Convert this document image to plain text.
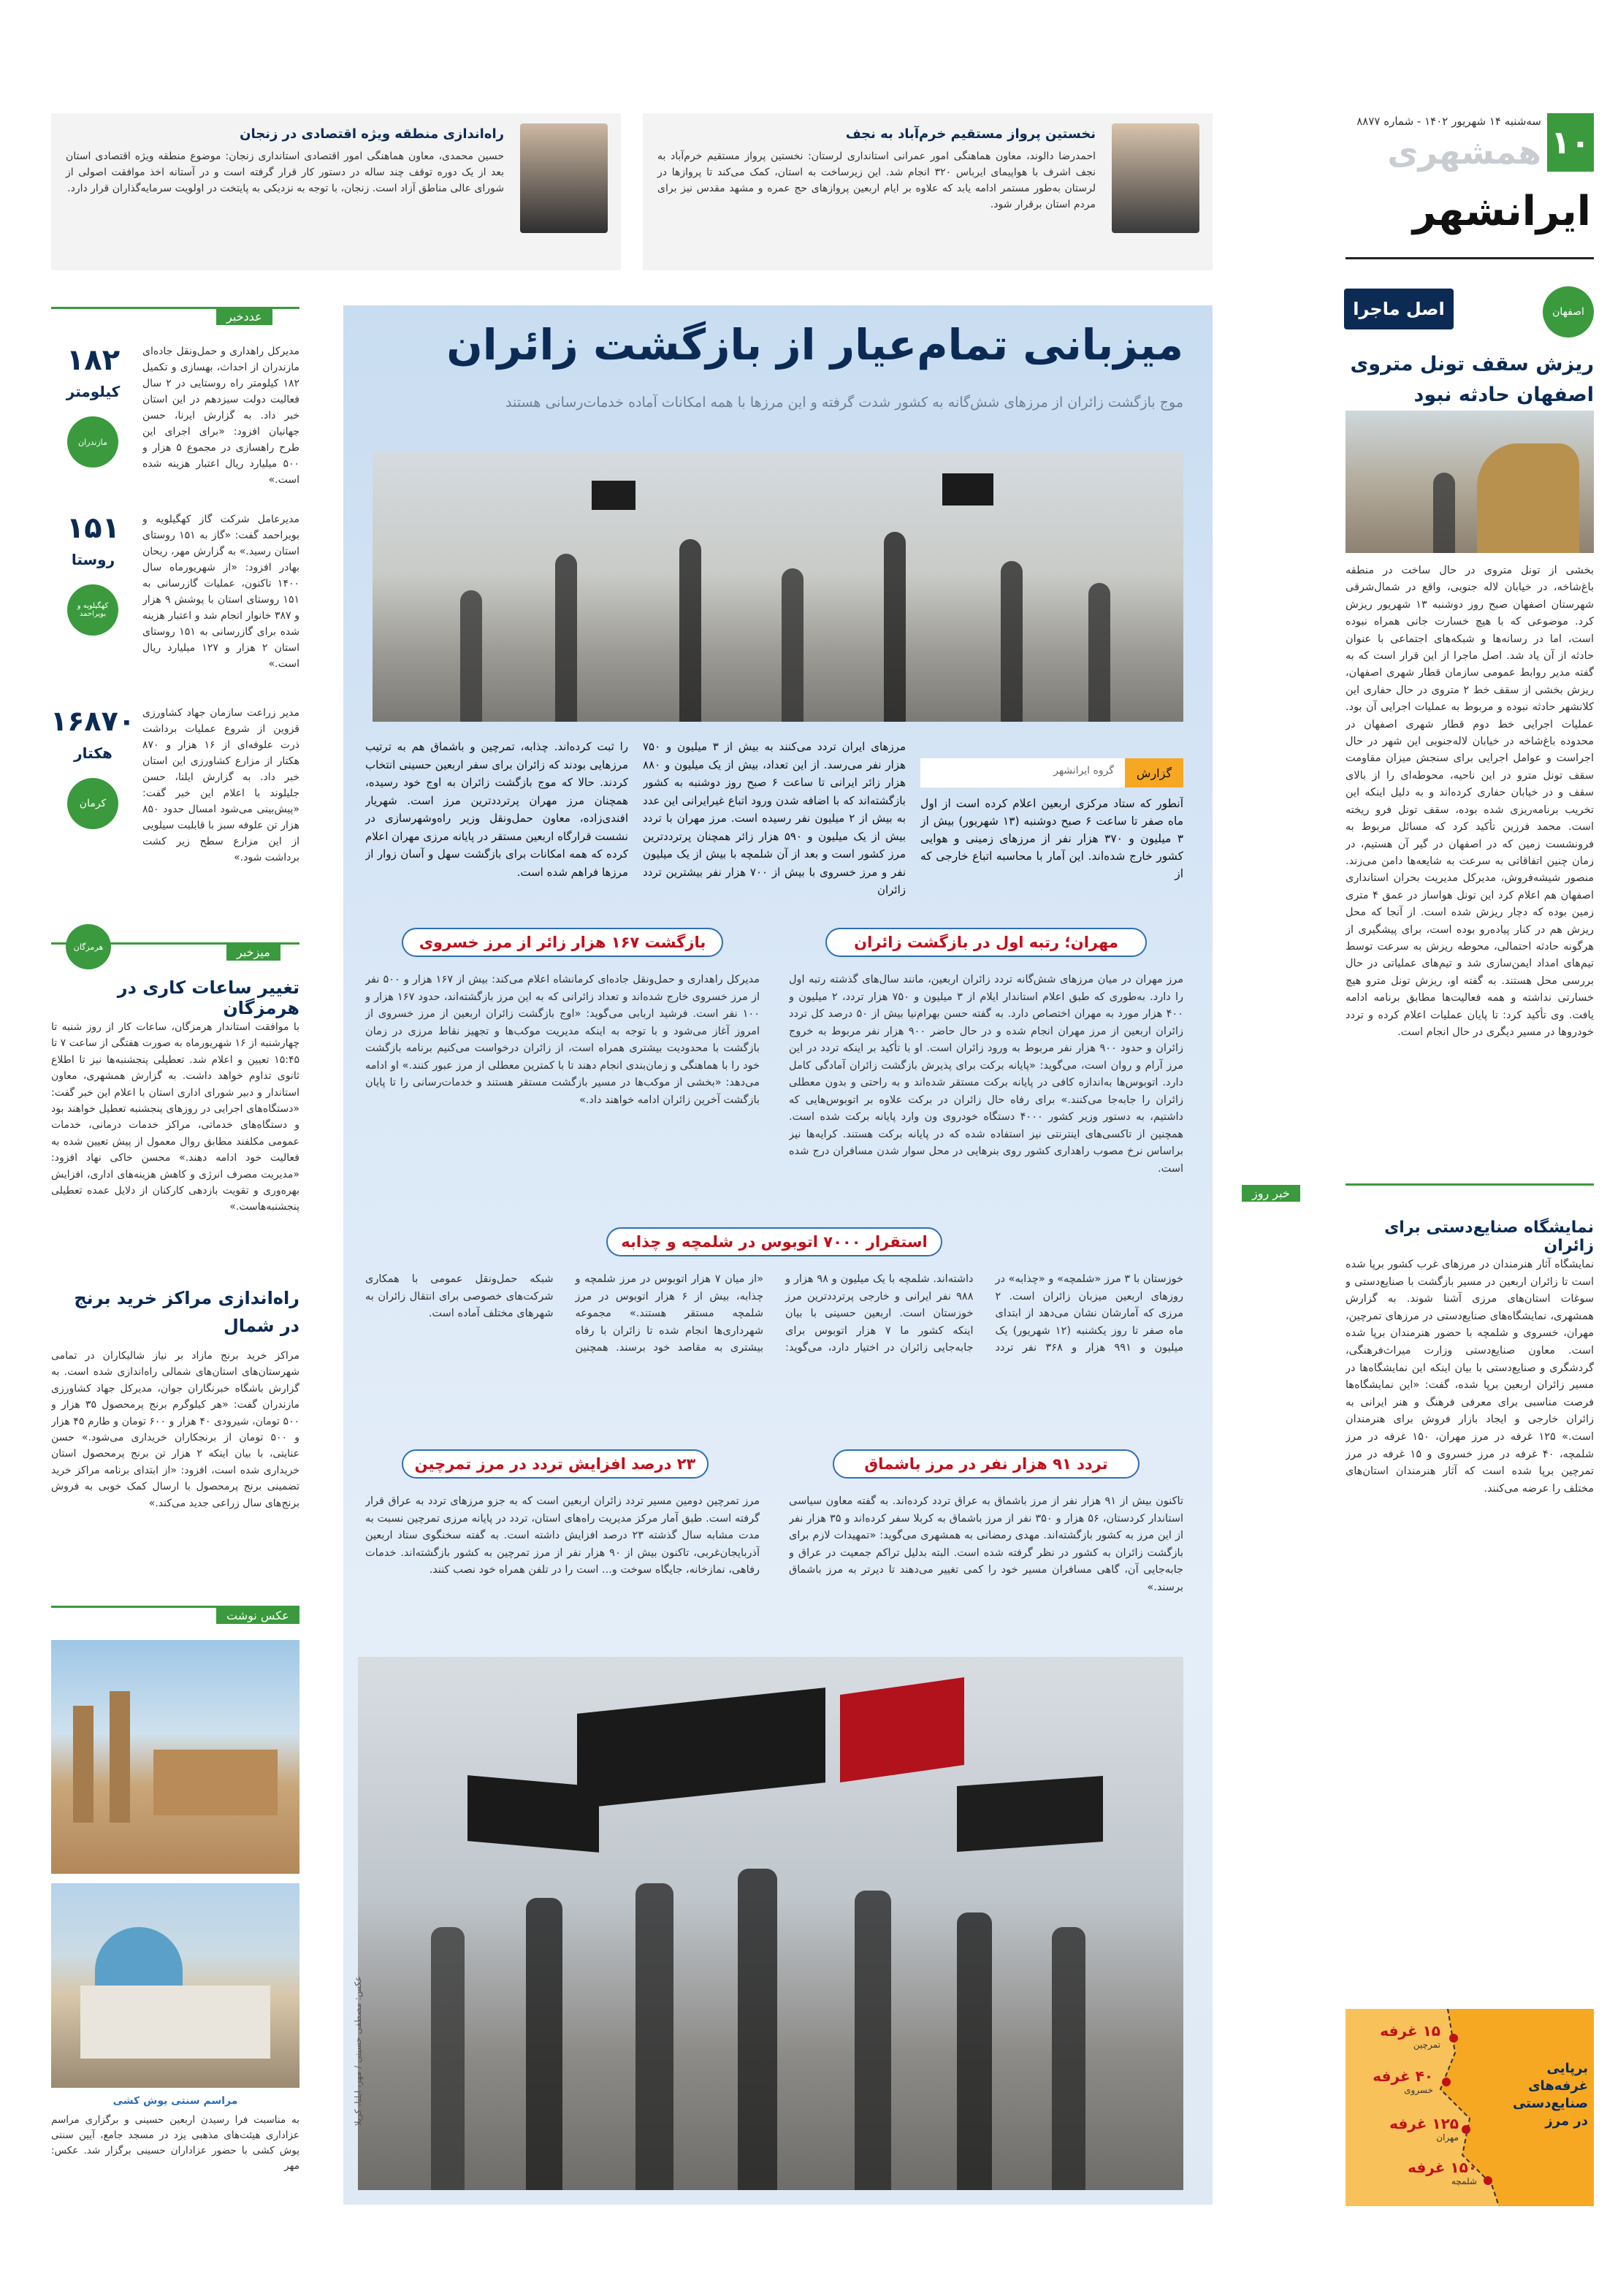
۱۰
سه‌شنبه ۱۴ شهریور ۱۴۰۲ - شماره ۸۸۷۷
همشهری
ایرانشهر
نخستین پرواز مستقیم خرم‌آباد به نجف
احمدرضا دالوند، معاون هماهنگی امور عمرانی استانداری لرستان: نخستین پرواز مستقیم خرم‌آباد به نجف اشرف با هواپیمای ایرباس ۳۲۰ انجام شد. این زیرساخت به استان، کمک می‌کند تا پروازها در لرستان به‌طور مستمر ادامه یابد که علاوه بر ایام اربعین پروازهای حج عمره و مشهد مقدس نیز برای مردم استان برقرار شود.
راه‌اندازی منطقه ویژه اقتصادی در زنجان
حسین محمدی، معاون هماهنگی امور اقتصادی استانداری زنجان: موضوع منطقه ویژه اقتصادی استان بعد از یک دوره توقف چند ساله در دستور کار قرار گرفته است و در آستانه اخذ موافقت اصولی از شورای عالی مناطق آزاد است. زنجان، با توجه به نزدیکی به پایتخت در اولویت سرمایه‌گذاران قرار دارد.
اصل ماجرا	اصفهان
ریزش سقف تونل متروی اصفهان حادثه نبود
بخشی از تونل متروی در حال ساخت در منطقه باغ‌شاخه، در خیابان لاله جنوبی، واقع در شمال‌شرقی شهرستان اصفهان صبح روز دوشنبه ۱۳ شهریور ریزش کرد. موضوعی که با هیچ خسارت جانی همراه نبوده است، اما در رسانه‌ها و شبکه‌های اجتماعی با عنوان حادثه از آن یاد شد. اصل ماجرا از این قرار است که به گفته مدیر روابط عمومی سازمان قطار شهری اصفهان، ریزش بخشی از سقف خط ۲ متروی در حال حفاری این کلانشهر حادثه نبوده و مربوط به عملیات اجرایی آن بود. عملیات اجرایی خط دوم قطار شهری اصفهان در محدوده باغ‌شاخه در خیابان لاله‌جنوبی این شهر در حال اجراست و عوامل اجرایی برای سنجش میزان مقاومت سقف تونل مترو در این ناحیه، محوطه‌ای را از بالای سقف و در خیابان حفاری کرده‌اند و به دلیل اینکه این تخریب برنامه‌ریزی شده بوده، سقف تونل فرو ریخته است. محمد فرزین تأکید کرد که مسائل مربوط به فرونشست زمین که در اصفهان در گیر آن هستیم، در زمان چنین اتفاقاتی به سرعت به شایعه‌ها دامن می‌زند. منصور شیشه‌فروش، مدیرکل مدیریت بحران استانداری اصفهان هم اعلام کرد این تونل هواساز در عمق ۴ متری زمین بوده که دچار ریزش شده است. از آنجا که محل ریزش هم در کنار پیاده‌رو بوده است، برای پیشگیری از هرگونه حادثه احتمالی، محوطه ریزش به سرعت توسط تیم‌های امداد ایمن‌سازی شد و تیم‌های عملیاتی در حال بررسی محل هستند. به گفته او، ریزش تونل مترو هیچ خسارتی نداشته و همه فعالیت‌ها مطابق برنامه ادامه یافت. وی تأکید کرد: تا پایان عملیات اعلام کرده و تردد خودروها در مسیر دیگری در حال انجام است.
خبر روز
نمایشگاه صنایع‌دستی برای زائران
نمایشگاه آثار هنرمندان در مرزهای غرب کشور برپا شده است تا زائران اربعین در مسیر بازگشت با صنایع‌دستی و سوغات استان‌های مرزی آشنا شوند. به گزارش همشهری، نمایشگاه‌های صنایع‌دستی در مرزهای تمرچین، مهران، خسروی و شلمچه با حضور هنرمندان برپا شده است. معاون صنایع‌دستی وزارت میراث‌فرهنگی، گردشگری و صنایع‌دستی با بیان اینکه این نمایشگاه‌ها در مسیر زائران اربعین برپا شده، گفت: «این نمایشگاه‌ها فرصت مناسبی برای معرفی فرهنگ و هنر ایرانی به زائران خارجی و ایجاد بازار فروش برای هنرمندان است.» ۱۲۵ غرفه در مرز مهران، ۱۵۰ غرفه در مرز شلمچه، ۴۰ غرفه در مرز خسروی و ۱۵ غرفه در مرز تمرچین برپا شده است که آثار هنرمندان استان‌های مختلف را عرضه می‌کنند.
۱۵ غرفه
تمرچین
۴۰ غرفه
خسروی
۱۲۵ غرفه
مهران
۱۵۰ غرفه
شلمچه
برپایی غرفه‌های صنایع‌دستی در مرز
عددخبر
۱۸۲
کیلومتر
مازندران
مدیرکل راهداری و حمل‌ونقل جاده‌ای مازندران از احداث، بهسازی و تکمیل ۱۸۲ کیلومتر راه روستایی در ۲ سال فعالیت دولت سیزدهم در این استان خبر داد. به گزارش ایرنا، حسن جهانیان افزود: «برای اجرای این طرح راهسازی در مجموع ۵ هزار و ۵۰۰ میلیارد ریال اعتبار هزینه شده است.»
۱۵۱
روستا
کهگیلویه و بویراحمد
مدیرعامل شرکت گاز کهگیلویه و بویراحمد گفت: «گاز به ۱۵۱ روستای استان رسید.» به گزارش مهر، ریحان بهادر افزود: «از شهریورماه سال ۱۴۰۰ تاکنون، عملیات گازرسانی به ۱۵۱ روستای استان با پوشش ۹ هزار و ۳۸۷ خانوار انجام شد و اعتبار هزینه شده برای گازرسانی به ۱۵۱ روستای استان ۲ هزار و ۱۲۷ میلیارد ریال است.»
۱۶۸۷۰
هکتار
کرمان
مدیر زراعت سازمان جهاد کشاورزی قزوین از شروع عملیات برداشت ذرت علوفه‌ای از ۱۶ هزار و ۸۷۰ هکتار از مزارع کشاورزی این استان خبر داد. به گزارش ایلنا، حسن جلیلوند با اعلام این خبر گفت: «پیش‌بینی می‌شود امسال حدود ۸۵۰ هزار تن علوفه سبز با قابلیت سیلویی از این مزارع سطح زیر کشت برداشت شود.»
میزخبر
هرمزگان
تغییر ساعات کاری در هرمزگان
با موافقت استاندار هرمزگان، ساعات کار از روز شنبه تا چهارشنبه از ۱۶ شهریورماه به صورت هفتگی از ساعت ۷ تا ۱۵:۴۵ تعیین و اعلام شد. تعطیلی پنجشنبه‌ها نیز تا اطلاع ثانوی تداوم خواهد داشت. به گزارش همشهری، معاون استاندار و دبیر شورای اداری استان با اعلام این خبر گفت: «دستگاه‌های اجرایی در روزهای پنجشنبه تعطیل خواهند بود و دستگاه‌های خدماتی، مراکز خدمات درمانی، خدمات عمومی مکلفند مطابق روال معمول از پیش تعیین شده به فعالیت خود ادامه دهند.» محسن خاکی نهاد افزود: «مدیریت مصرف انرژی و کاهش هزینه‌های اداری، افزایش بهره‌وری و تقویت بازدهی کارکنان از دلایل عمده تعطیلی پنجشنبه‌هاست.»
راه‌اندازی مراکز خرید برنج در شمال
مراکز خرید برنج مازاد بر نیاز شالیکاران در تمامی شهرستان‌های استان‌های شمالی راه‌اندازی شده است. به گزارش باشگاه خبرنگاران جوان، مدیرکل جهاد کشاورزی مازندران گفت: «هر کیلوگرم برنج پرمحصول ۳۵ هزار و ۵۰۰ تومان، شیرودی ۴۰ هزار و ۶۰۰ تومان و طارم ۴۵ هزار و ۵۰۰ تومان از برنجکاران خریداری می‌شود.» حسن عنایتی، با بیان اینکه ۲ هزار تن برنج پرمحصول استان خریداری شده است، افزود: «از ابتدای برنامه مراکز خرید تضمینی برنج پرمحصول با ارسال کمک خوبی به فروش برنج‌های سال زراعی جدید می‌کند.»
عکس نوشت
مراسم سنتی پوش کشی
به مناسبت فرا رسیدن اربعین حسینی و برگزاری مراسم عزاداری هیئت‌های مذهبی یزد در مسجد جامع، آیین سنتی پوش کشی با حضور عزاداران حسینی برگزار شد. عکس: مهر
میزبانی تمام‌عیار از بازگشت زائران
موج بازگشت زائران از مرزهای شش‌گانه به کشور شدت گرفته و این مرزها با همه امکانات آماده خدمات‌رسانی هستند
گزارش
گروه ایرانشهر
آنطور که ستاد مرکزی اربعین اعلام کرده است از اول ماه صفر تا ساعت ۶ صبح دوشنبه (۱۳ شهریور) بیش از ۳ میلیون و ۳۷۰ هزار نفر از مرزهای زمینی و هوایی کشور خارج شده‌اند. این آمار با محاسبه اتباع خارجی که از
مرزهای ایران تردد می‌کنند به بیش از ۳ میلیون و ۷۵۰ هزار نفر می‌رسد. از این تعداد، بیش از یک میلیون و ۸۸۰ هزار زائر ایرانی تا ساعت ۶ صبح روز دوشنبه به کشور بازگشته‌اند که با اضافه شدن ورود اتباع غیرایرانی این عدد به بیش از ۲ میلیون نفر رسیده است. مرز مهران با تردد بیش از یک میلیون و ۵۹۰ هزار زائر همچنان پرترددترین مرز کشور است و بعد از آن شلمچه با بیش از یک میلیون نفر و مرز خسروی با بیش از ۷۰۰ هزار نفر بیشترین تردد زائران
را ثبت کرده‌اند. چذابه، تمرچین و باشماق هم به ترتیب مرزهایی بودند که زائران برای سفر اربعین حسینی انتخاب کردند. حالا که موج بازگشت زائران به اوج خود رسیده، همچنان مرز مهران پرترددترین مرز است. شهریار افندی‌زاده، معاون حمل‌ونقل وزیر راه‌وشهرسازی در نشست قرارگاه اربعین مستقر در پایانه مرزی مهران اعلام کرده که همه امکانات برای بازگشت سهل و آسان زوار از مرزها فراهم شده است.
مهران؛ رتبه اول در بازگشت زائران
بازگشت ۱۶۷ هزار زائر از مرز خسروی
مرز مهران در میان مرزهای شش‌گانه تردد زائران اربعین، مانند سال‌های گذشته رتبه اول را دارد. به‌طوری که طبق اعلام استاندار ایلام از ۳ میلیون و ۷۵۰ هزار تردد، ۲ میلیون و ۴۰۰ هزار مورد به مهران اختصاص دارد. به گفته حسن بهرام‌نیا بیش از ۵۰ درصد کل تردد زائران اربعین از مرز مهران انجام شده و در حال حاضر ۹۰۰ هزار نفر مربوط به خروج زائران و حدود ۹۰۰ هزار نفر مربوط به ورود زائران است. او با تأکید بر اینکه تردد در این مرز آرام و روان است، می‌گوید: «پایانه برکت برای پذیرش بازگشت زائران آمادگی کامل دارد. اتوبوس‌ها به‌اندازه کافی در پایانه برکت مستقر شده‌اند و به راحتی و بدون معطلی زائران را جابه‌جا می‌کنند.» برای رفاه حال زائران در برکت علاوه بر اتوبوس‌هایی که داشتیم، به دستور وزیر کشور ۴۰۰۰ دستگاه خودروی ون وارد پایانه برکت شده است. همچنین از تاکسی‌های اینترنتی نیز استفاده شده که در پایانه برکت هستند. کرایه‌ها نیز براساس نرخ مصوب راهداری کشور روی بنرهایی در محل سوار شدن مسافران درج شده است.
مدیرکل راهداری و حمل‌ونقل جاده‌ای کرمانشاه اعلام می‌کند: بیش از ۱۶۷ هزار و ۵۰۰ نفر از مرز خسروی خارج شده‌اند و تعداد زائرانی که به این مرز بازگشته‌اند، حدود ۱۶۷ هزار و ۱۰۰ نفر است. فرشید اربابی می‌گوید: «اوج بازگشت زائران اربعین از مرز خسروی از امروز آغاز می‌شود و با توجه به اینکه مدیریت موکب‌ها و تجهیز نقاط مرزی در زمان بازگشت با محدودیت بیشتری همراه است، از زائران درخواست می‌کنیم برنامه بازگشت خود را با هماهنگی و زمان‌بندی انجام دهند تا با کمترین معطلی از مرز عبور کنند.» او ادامه می‌دهد: «بخشی از موکب‌ها در مسیر بازگشت مستقر هستند و خدمات‌رسانی را تا پایان بازگشت آخرین زائران ادامه خواهند داد.»
استقرار ۷۰۰۰ اتوبوس در شلمچه و چذابه
خوزستان با ۳ مرز «شلمچه» و «چذابه» در روزهای اربعین میزبان زائران است. ۲ مرزی که آمارشان نشان می‌دهد از ابتدای ماه صفر تا روز یکشنبه (۱۲ شهریور) یک میلیون و ۹۹۱ هزار و ۳۶۸ نفر تردد داشته‌اند. شلمچه با یک میلیون و ۹۸ هزار و ۹۸۸ نفر ایرانی و خارجی پرترددترین مرز خوزستان است. اربعین حسینی با بیان اینکه کشور ما ۷ هزار اتوبوس برای جابه‌جایی زائران در اختیار دارد، می‌گوید: «از میان ۷ هزار اتوبوس در مرز شلمچه و چذابه، بیش از ۶ هزار اتوبوس در مرز شلمچه مستقر هستند.» مجموعه شهرداری‌ها انجام شده تا زائران با رفاه بیشتری به مقاصد خود برسند. همچنین شبکه حمل‌ونقل عمومی با همکاری شرکت‌های خصوصی برای انتقال زائران به شهرهای مختلف آماده است.
تردد ۹۱ هزار نفر در مرز باشماق
۲۳ درصد افزایش تردد در مرز تمرچین
تاکنون بیش از ۹۱ هزار نفر از مرز باشماق به عراق تردد کرده‌اند. به گفته معاون سیاسی استاندار کردستان، ۵۶ هزار و ۳۵۰ نفر از مرز باشماق به کربلا سفر کرده‌اند و ۳۵ هزار نفر از این مرز به کشور بازگشته‌اند. مهدی رمضانی به همشهری می‌گوید: «تمهیدات لازم برای بازگشت زائران به کشور در نظر گرفته شده است. البته بدلیل تراکم جمعیت در عراق و جابه‌جایی آن، گاهی مسافران مسیر خود را کمی تغییر می‌دهند تا دیرتر به مرز باشماق برسند.»
مرز تمرچین دومین مسیر تردد زائران اربعین است که به جزو مرزهای تردد به عراق قرار گرفته است. طبق آمار مرکز مدیریت راه‌های استان، تردد در پایانه مرزی تمرچین نسبت به مدت مشابه سال گذشته ۲۳ درصد افزایش داشته است. به گفته سخنگوی ستاد اربعین آذربایجان‌غربی، تاکنون بیش از ۹۰ هزار نفر از مرز تمرچین به کشور بازگشته‌اند. خدمات رفاهی، نمازخانه، جایگاه سوخت و... است را در تلفن همراه خود نصب کنند.
عکس: مصطفی حسینی / مهر، ایلنا، کربلا
